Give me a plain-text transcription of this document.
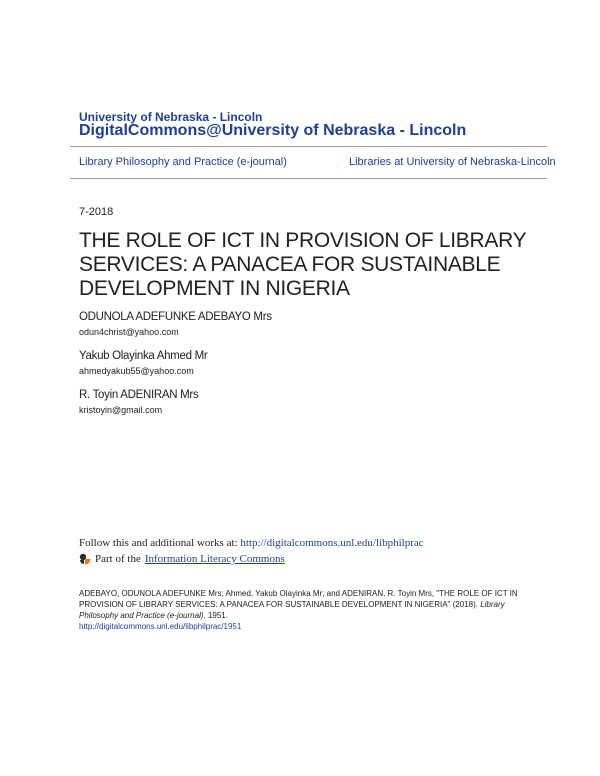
University of Nebraska - Lincoln
DigitalCommons@University of Nebraska - Lincoln
Library Philosophy and Practice (e-journal)	Libraries at University of Nebraska-Lincoln
7-2018
THE ROLE OF ICT IN PROVISION OF LIBRARY SERVICES: A PANACEA FOR SUSTAINABLE DEVELOPMENT IN NIGERIA
ODUNOLA ADEFUNKE ADEBAYO Mrs
odun4christ@yahoo.com
Yakub Olayinka Ahmed Mr
ahmedyakub55@yahoo.com
R. Toyin ADENIRAN Mrs
kristoyin@gmail.com
Follow this and additional works at: http://digitalcommons.unl.edu/libphilprac
Part of the Information Literacy Commons
ADEBAYO, ODUNOLA ADEFUNKE Mrs; Ahmed, Yakub Olayinka Mr; and ADENIRAN, R. Toyin Mrs, "THE ROLE OF ICT IN PROVISION OF LIBRARY SERVICES: A PANACEA FOR SUSTAINABLE DEVELOPMENT IN NIGERIA" (2018). Library Philosophy and Practice (e-journal). 1951.
http://digitalcommons.unl.edu/libphilprac/1951
